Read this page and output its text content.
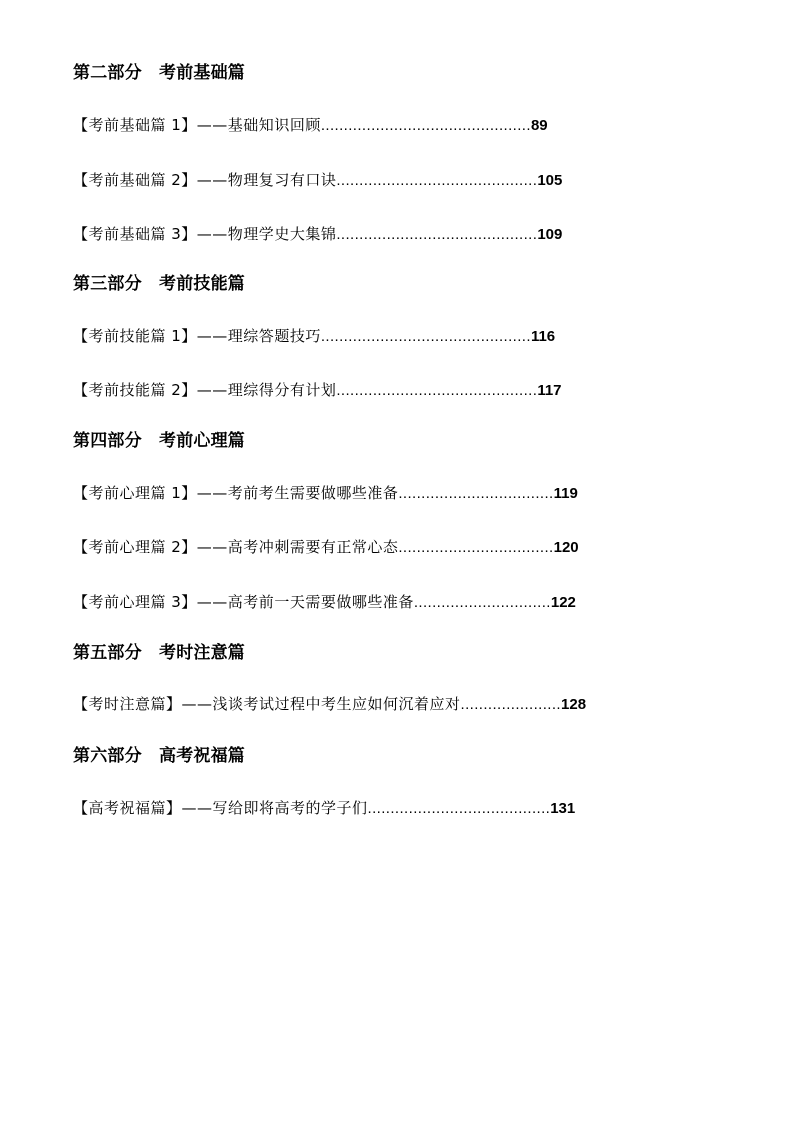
第二部分　考前基础篇
【考前基础篇 1】——基础知识回顾..............................................89
【考前基础篇 2】——物理复习有口诀............................................105
【考前基础篇 3】——物理学史大集锦............................................109
第三部分　考前技能篇
【考前技能篇 1】——理综答题技巧..............................................116
【考前技能篇 2】——理综得分有计划............................................117
第四部分　考前心理篇
【考前心理篇 1】——考前考生需要做哪些准备..................................119
【考前心理篇 2】——高考冲刺需要有正常心态..................................120
【考前心理篇 3】——高考前一天需要做哪些准备..............................122
第五部分　考时注意篇
【考时注意篇】——浅谈考试过程中考生应如何沉着应对......................128
第六部分　高考祝福篇
【高考祝福篇】——写给即将高考的学子们........................................131
